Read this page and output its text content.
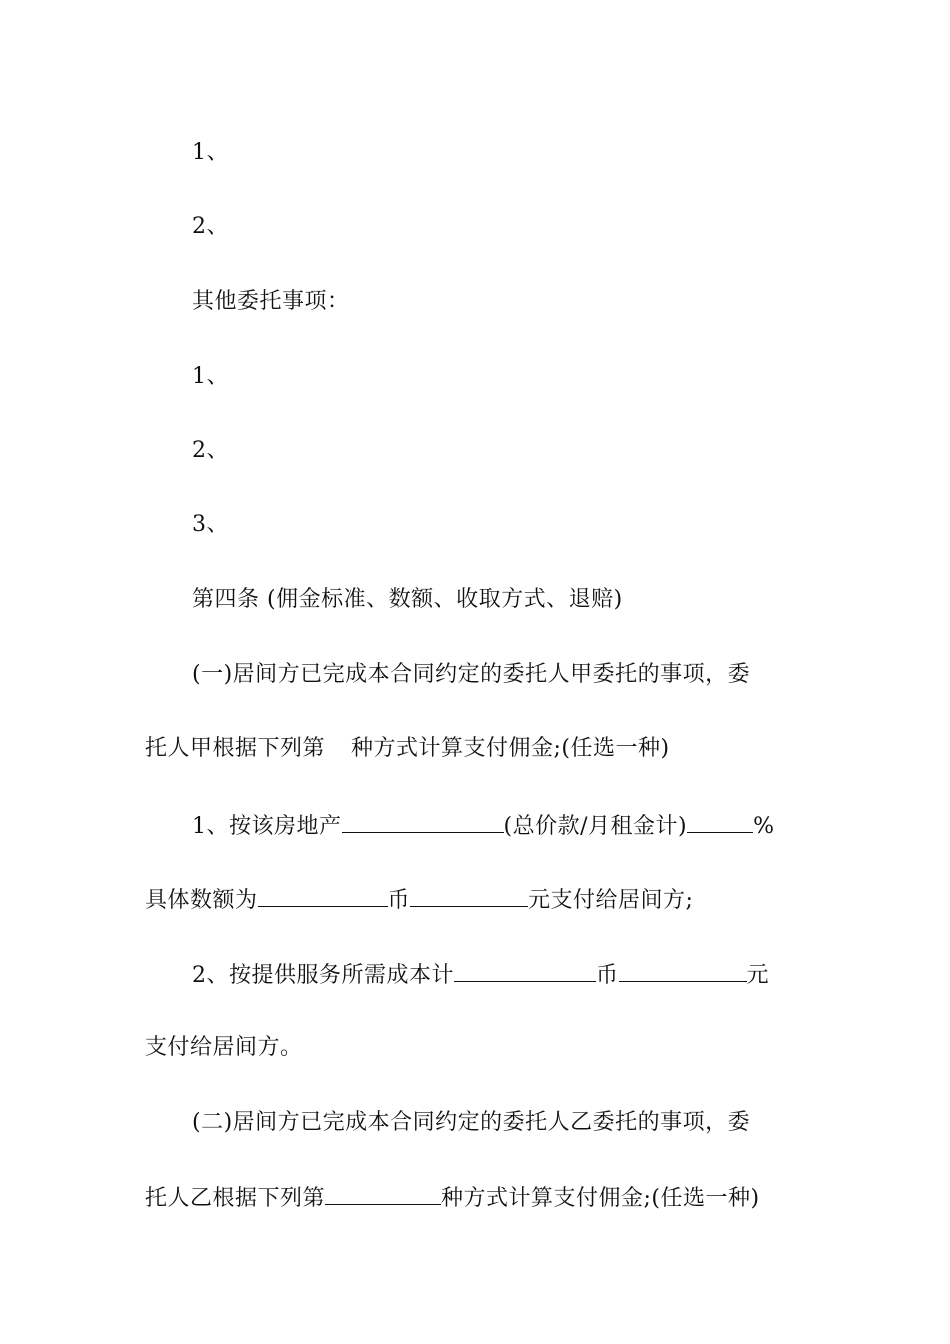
1、
2、
其他委托事项：
1、
2、
3、
第四条 (佣金标准、数额、收取方式、退赔)
(一)居间方已完成本合同约定的委托人甲委托的事项，委
托人甲根据下列第 种方式计算支付佣金;(任选一种)
1、按该房地产	(总价款/月租金计)	%
具体数额为	币	元支付给居间方;
2、按提供服务所需成本计	币	元
支付给居间方。
(二)居间方已完成本合同约定的委托人乙委托的事项，委
托人乙根据下列第	种方式计算支付佣金;(任选一种)
